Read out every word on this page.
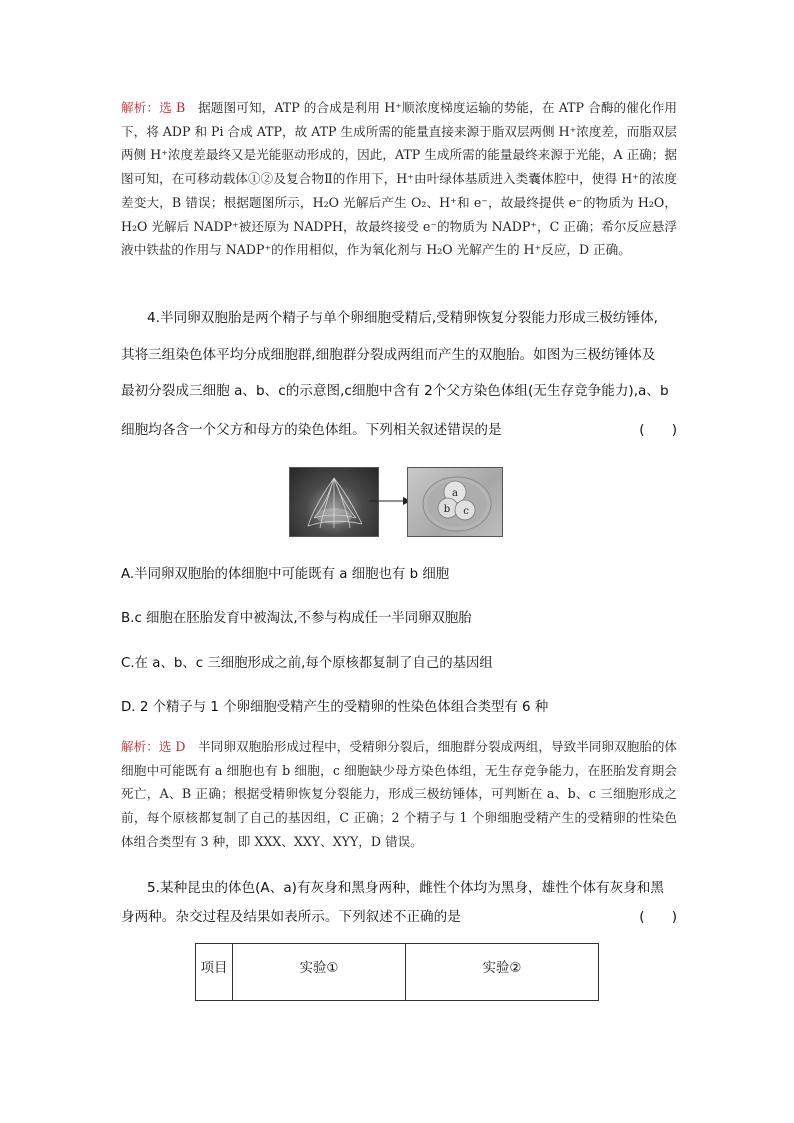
解析：选 B　 据题图可知，ATP 的合成是利用 H⁺顺浓度梯度运输的势能，在 ATP 合酶的催化作用下，将 ADP 和 Pi 合成 ATP，故 ATP 生成所需的能量直接来源于脂双层两侧 H⁺浓度差，而脂双层两侧 H⁺浓度差最终又是光能驱动形成的，因此，ATP 生成所需的能量最终来源于光能，A 正确；据图可知，在可移动载体①②及复合物Ⅱ的作用下，H⁺由叶绿体基质进入类囊体腔中，使得 H⁺的浓度差变大，B 错误；根据题图所示，H₂O 光解后产生 O₂、H⁺和 e⁻，故最终提供 e⁻的物质为 H₂O，H₂O 光解后 NADP⁺被还原为 NADPH，故最终接受 e⁻的物质为 NADP⁺，C 正确；希尔反应悬浮液中铁盐的作用与 NADP⁺的作用相似，作为氧化剂与 H₂O 光解产生的 H⁺反应，D 正确。
4.半同卵双胞胎是两个精子与单个卵细胞受精后,受精卵恢复分裂能力形成三极纺锤体,
其将三组染色体平均分成细胞群,细胞群分裂成两组而产生的双胞胎。如图为三极纺锤体及
最初分裂成三细胞 a、b、c的示意图,c细胞中含有 2个父方染色体组(无生存竞争能力),a、b
细胞均各含一个父方和母方的染色体组。下列相关叙述错误的是	(　　)
a
b c
A.半同卵双胞胎的体细胞中可能既有 a 细胞也有 b 细胞
B.c 细胞在胚胎发育中被淘汰,不参与构成任一半同卵双胞胎
C.在 a、b、c 三细胞形成之前,每个原核都复制了自己的基因组
D. 2 个精子与 1 个卵细胞受精产生的受精卵的性染色体组合类型有 6 种
解析：选 D　 半同卵双胞胎形成过程中，受精卵分裂后，细胞群分裂成两组，导致半同卵双胞胎的体细胞中可能既有 a 细胞也有 b 细胞，c 细胞缺少母方染色体组，无生存竞争能力，在胚胎发育期会死亡，A、B 正确；根据受精卵恢复分裂能力，形成三极纺锤体，可判断在 a、b、c 三细胞形成之前，每个原核都复制了自己的基因组，C 正确；2 个精子与 1 个卵细胞受精产生的受精卵的性染色体组合类型有 3 种，即 XXX、XXY、XYY，D 错误。
5.某种昆虫的体色(A、a)有灰身和黑身两种，雌性个体均为黑身，雄性个体有灰身和黑
身两种。杂交过程及结果如表所示。下列叙述不正确的是	(　　)
项目	实验①	实验②
